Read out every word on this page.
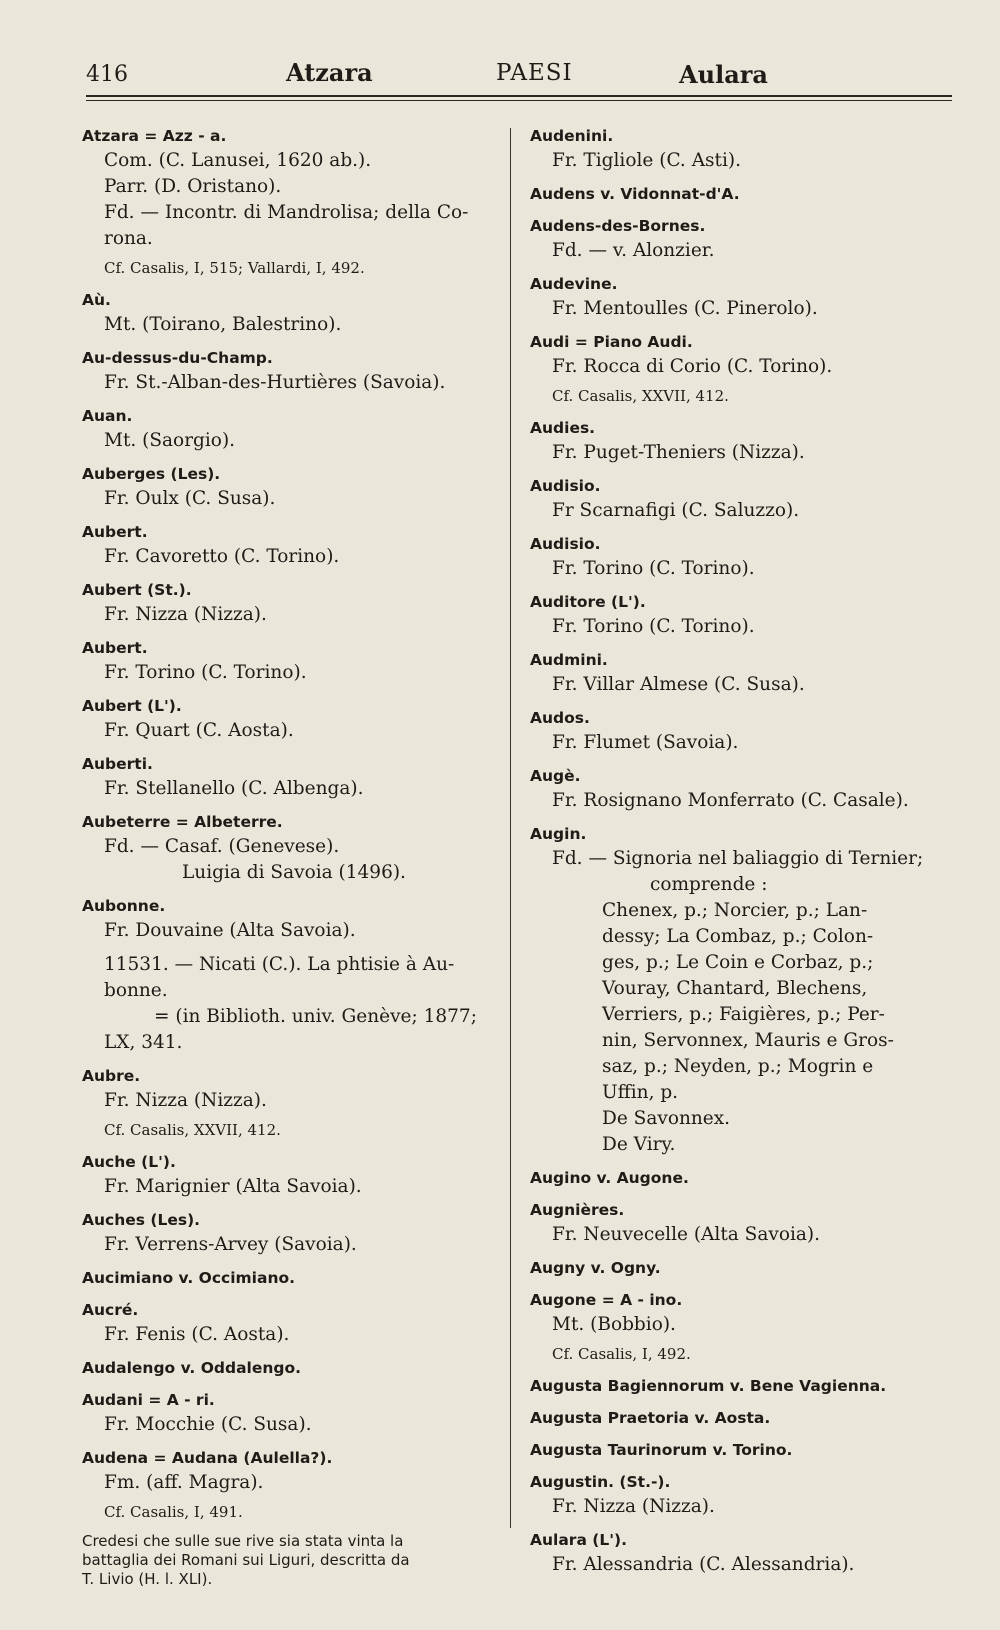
416	Atzara	PAESI	Aulara
Atzara = Azz - a.
Com. (C. Lanusei, 1620 ab.).
Parr. (D. Oristano).
Fd. — Incontr. di Mandrolisa; della Co-
rona.
Cf. Casalis, I, 515; Vallardi, I, 492.
Aù.
Mt. (Toirano, Balestrino).
Au-dessus-du-Champ.
Fr. St.-Alban-des-Hurtières (Savoia).
Auan.
Mt. (Saorgio).
Auberges (Les).
Fr. Oulx (C. Susa).
Aubert.
Fr. Cavoretto (C. Torino).
Aubert (St.).
Fr. Nizza (Nizza).
Aubert.
Fr. Torino (C. Torino).
Aubert (L').
Fr. Quart (C. Aosta).
Auberti.
Fr. Stellanello (C. Albenga).
Aubeterre = Albeterre.
Fd. — Casaf. (Genevese).
Luigia di Savoia (1496).
Aubonne.
Fr. Douvaine (Alta Savoia).
11531. — Nicati (C.). La phtisie à Au-
bonne.
= (in Biblioth. univ. Genève; 1877;
LX, 341.
Aubre.
Fr. Nizza (Nizza).
Cf. Casalis, XXVII, 412.
Auche (L').
Fr. Marignier (Alta Savoia).
Auches (Les).
Fr. Verrens-Arvey (Savoia).
Aucimiano v. Occimiano.
Aucré.
Fr. Fenis (C. Aosta).
Audalengo v. Oddalengo.
Audani = A - ri.
Fr. Mocchie (C. Susa).
Audena = Audana (Aulella?).
Fm. (aff. Magra).
Cf. Casalis, I, 491.
Credesi che sulle sue rive sia stata vinta la
battaglia dei Romani sui Liguri, descritta da
T. Livio (H. l. XLI).
Audenini.
Fr. Tigliole (C. Asti).
Audens v. Vidonnat-d'A.
Audens-des-Bornes.
Fd. — v. Alonzier.
Audevine.
Fr. Mentoulles (C. Pinerolo).
Audi = Piano Audi.
Fr. Rocca di Corio (C. Torino).
Cf. Casalis, XXVII, 412.
Audies.
Fr. Puget-Theniers (Nizza).
Audisio.
Fr Scarnafigi (C. Saluzzo).
Audisio.
Fr. Torino (C. Torino).
Auditore (L').
Fr. Torino (C. Torino).
Audmini.
Fr. Villar Almese (C. Susa).
Audos.
Fr. Flumet (Savoia).
Augè.
Fr. Rosignano Monferrato (C. Casale).
Augin.
Fd. — Signoria nel baliaggio di Ternier;
comprende :
Chenex, p.; Norcier, p.; Lan-
dessy; La Combaz, p.; Colon-
ges, p.; Le Coin e Corbaz, p.;
Vouray, Chantard, Blechens,
Verriers, p.; Faigières, p.; Per-
nin, Servonnex, Mauris e Gros-
saz, p.; Neyden, p.; Mogrin e
Uffin, p.
De Savonnex.
De Viry.
Augino v. Augone.
Augnières.
Fr. Neuvecelle (Alta Savoia).
Augny v. Ogny.
Augone = A - ino.
Mt. (Bobbio).
Cf. Casalis, I, 492.
Augusta Bagiennorum v. Bene Vagienna.
Augusta Praetoria v. Aosta.
Augusta Taurinorum v. Torino.
Augustin. (St.-).
Fr. Nizza (Nizza).
Aulara (L').
Fr. Alessandria (C. Alessandria).
